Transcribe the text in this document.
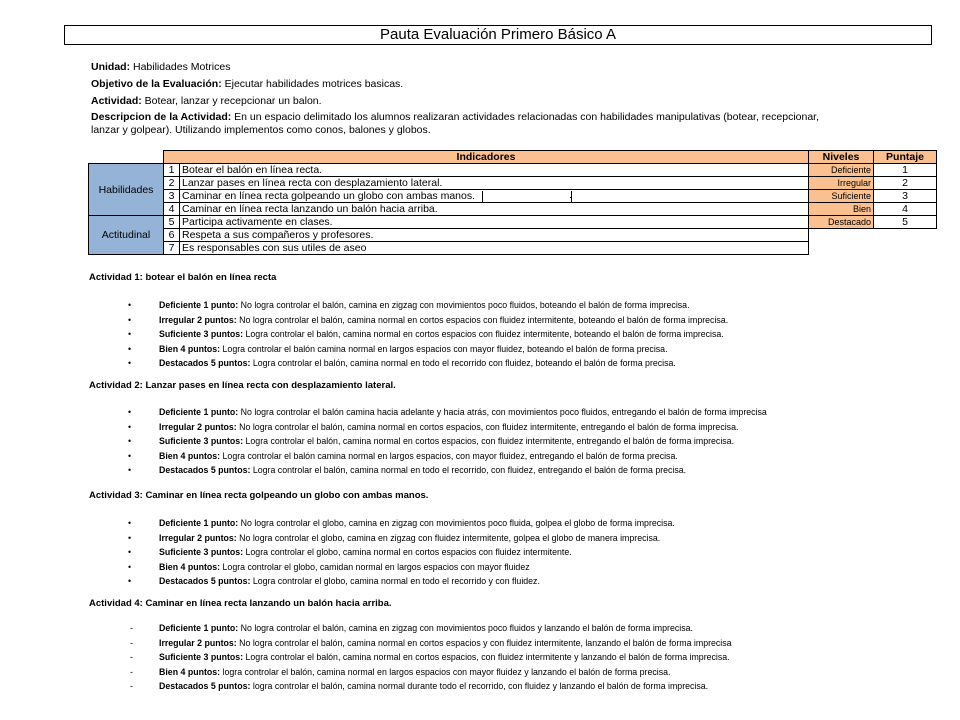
Pauta Evaluación Primero Básico A
Unidad: Habilidades Motrices
Objetivo de la Evaluación: Ejecutar habilidades motrices basicas.
Actividad: Botear, lanzar y recepcionar un balon.
Descripcion de la Actividad: En un espacio delimitado los alumnos realizaran actividades relacionadas con habilidades manipulativas (botear, recepcionar, lanzar y golpear). Utilizando implementos como conos, balones y globos.
	Indicadores		Niveles	Puntaje
Habilidades	1	Botear el balón en línea recta.	Deficiente	1
	2	Lanzar pases en línea recta con desplazamiento lateral.	Irregular	2
	3	Caminar en línea recta golpeando un globo con ambas manos. .	Suficiente	3
	4	Caminar en línea recta lanzando un balón hacia arriba.	Bien	4
Actitudinal	5	Participa activamente en clases.	Destacado	5
	6	Respeta a sus compañeros y profesores.		
	7	Es responsables con sus utiles de aseo		
Actividad 1: botear el balón en línea recta
•	Deficiente 1 punto: No logra controlar el balón, camina en zigzag con movimientos poco fluidos, boteando el balón de forma imprecisa.
•	Irregular 2 puntos: No logra controlar el balón, camina normal en cortos espacios con fluidez intermitente, boteando el balón de forma imprecisa.
•	Suficiente 3 puntos: Logra controlar el balón, camina normal en cortos espacios con fluidez intermitente, boteando el balón de forma imprecisa.
•	Bien 4 puntos: Logra controlar el balón camina normal en largos espacios con mayor fluidez, boteando el balón de forma precisa.
•	Destacados 5 puntos: Logra controlar el balón, camina normal en todo el recorrido con fluidez, boteando el balón de forma precisa.
Actividad 2: Lanzar pases en línea recta con desplazamiento lateral.
•	Deficiente 1 punto: No logra controlar el balón camina hacia adelante y hacia atrás, con movimientos poco fluidos, entregando el balón de forma imprecisa
•	Irregular 2 puntos: No logra controlar el balón, camina normal en cortos espacios, con fluidez intermitente, entregando el balón de forma imprecisa.
•	Suficiente 3 puntos: Logra controlar el balón, camina normal en cortos espacios, con fluidez intermitente, entregando el balón de forma imprecisa.
•	Bien 4 puntos: Logra controlar el balón camina normal en largos espacios, con mayor fluidez, entregando el balón de forma precisa.
•	Destacados 5 puntos: Logra controlar el balón, camina normal en todo el recorrido, con fluidez, entregando el balón de forma precisa.
Actividad 3: Caminar en línea recta golpeando un globo con ambas manos.
•	Deficiente 1 punto: No logra controlar el globo, camina en zigzag con movimientos poco fluida, golpea el globo de forma imprecisa.
•	Irregular 2 puntos: No logra controlar el globo, camina en zigzag con fluidez intermitente, golpea el globo de manera imprecisa.
•	Suficiente 3 puntos: Logra controlar el globo, camina normal en cortos espacios con fluidez intermitente.
•	Bien 4 puntos: Logra controlar el globo, camidan normal en largos espacios con mayor fluidez
•	Destacados 5 puntos: Logra controlar el globo, camina normal en todo el recorrido y con fluidez.
Actividad 4: Caminar en línea recta lanzando un balón hacia arriba.
-	Deficiente 1 punto: No logra controlar el balón, camina en zigzag con movimientos poco fluidos y lanzando el balón de forma imprecisa.
-	Irregular 2 puntos: No logra controlar el balón, camina normal en cortos espacios y con fluidez intermitente, lanzando el balón de forma imprecisa
-	Suficiente 3 puntos: Logra controlar el balón, camina normal en cortos espacios, con fluidez intermitente y lanzando el balón de forma imprecisa.
-	Bien 4 puntos: logra controlar el balón, camina normal en largos espacios con mayor fluidez y lanzando el balón de forma precisa.
-	Destacados 5 puntos: logra controlar el balón, camina normal durante todo el recorrido, con fluidez y lanzando el balón de forma imprecisa.
